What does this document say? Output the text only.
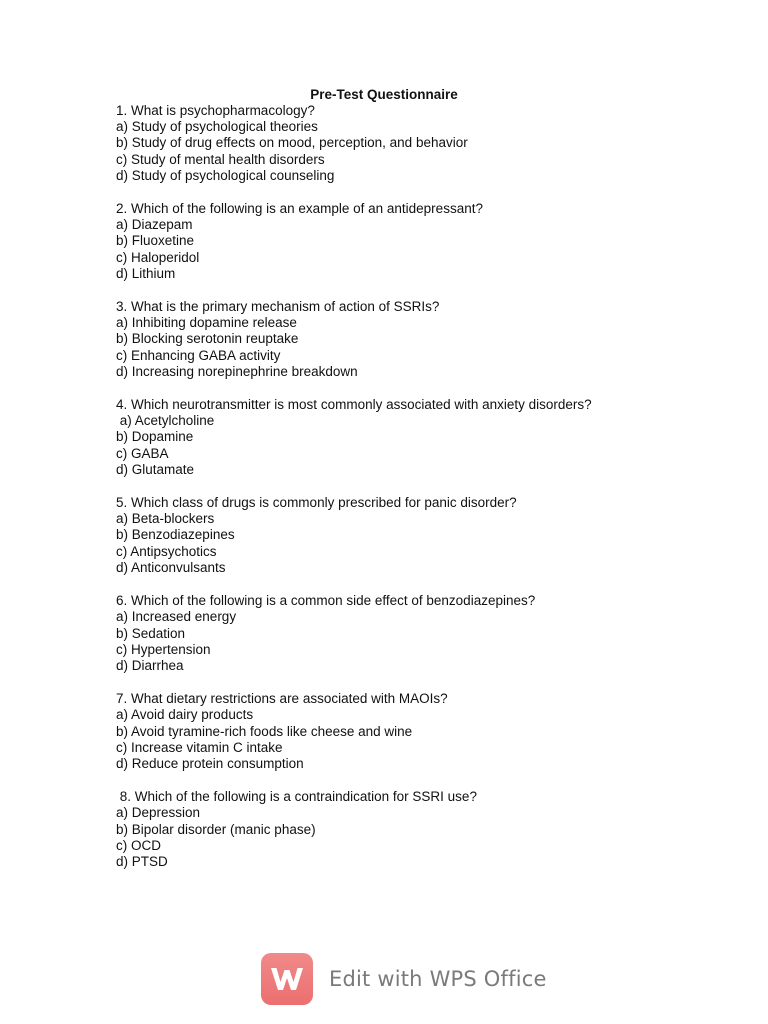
Pre-Test Questionnaire
1. What is psychopharmacology?
a) Study of psychological theories
b) Study of drug effects on mood, perception, and behavior
c) Study of mental health disorders
d) Study of psychological counseling
2. Which of the following is an example of an antidepressant?
a) Diazepam
b) Fluoxetine
c) Haloperidol
d) Lithium
3. What is the primary mechanism of action of SSRIs?
a) Inhibiting dopamine release
b) Blocking serotonin reuptake
c) Enhancing GABA activity
d) Increasing norepinephrine breakdown
4. Which neurotransmitter is most commonly associated with anxiety disorders?
a) Acetylcholine
b) Dopamine
c) GABA
d) Glutamate
5. Which class of drugs is commonly prescribed for panic disorder?
a) Beta-blockers
b) Benzodiazepines
c) Antipsychotics
d) Anticonvulsants
6. Which of the following is a common side effect of benzodiazepines?
a) Increased energy
b) Sedation
c) Hypertension
d) Diarrhea
7. What dietary restrictions are associated with MAOIs?
a) Avoid dairy products
b) Avoid tyramine-rich foods like cheese and wine
c) Increase vitamin C intake
d) Reduce protein consumption
8. Which of the following is a contraindication for SSRI use?
a) Depression
b) Bipolar disorder (manic phase)
c) OCD
d) PTSD
Edit with WPS Office
